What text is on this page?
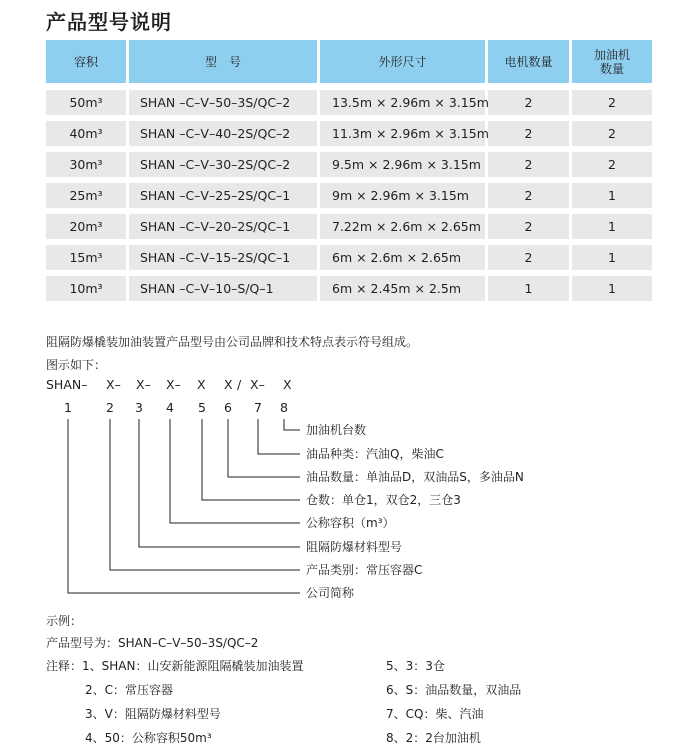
产品型号说明
容积	型　号	外形尺寸	电机数量	加油机
数量
50m³	SHAN –C–V–50–3S/QC–2	13.5m × 2.96m × 3.15m	2	2
40m³	SHAN –C–V–40–2S/QC–2	11.3m × 2.96m × 3.15m	2	2
30m³	SHAN –C–V–30–2S/QC–2	9.5m × 2.96m × 3.15m	2	2
25m³	SHAN –C–V–25–2S/QC–1	9m × 2.96m × 3.15m	2	1
20m³	SHAN –C–V–20–2S/QC–1	7.22m × 2.6m × 2.65m	2	1
15m³	SHAN –C–V–15–2S/QC–1	6m × 2.6m × 2.65m	2	1
10m³	SHAN –C–V–10–S/Q–1	6m × 2.45m × 2.5m	1	1
阻隔防爆橇装加油装置产品型号由公司品牌和技术特点表示符号组成。
图示如下：
SHAN– X– X– X– X X / X– X
1	2 3 4 5 6 7 8
加油机台数
油品种类：汽油Q，柴油C
油品数量：单油品D，双油品S，多油品N
仓数：单仓1，双仓2，三仓3
公称容积（m³）
阻隔防爆材料型号
产品类别：常压容器C
公司简称
示例：
产品型号为：SHAN–C–V–50–3S/QC–2
注释：1、SHAN：山安新能源阻隔橇装加油装置
2、C：常压容器
3、V：阻隔防爆材料型号
4、50：公称容积50m³
5、3：3仓
6、S：油品数量，双油品
7、CQ：柴、汽油
8、2：2台加油机
